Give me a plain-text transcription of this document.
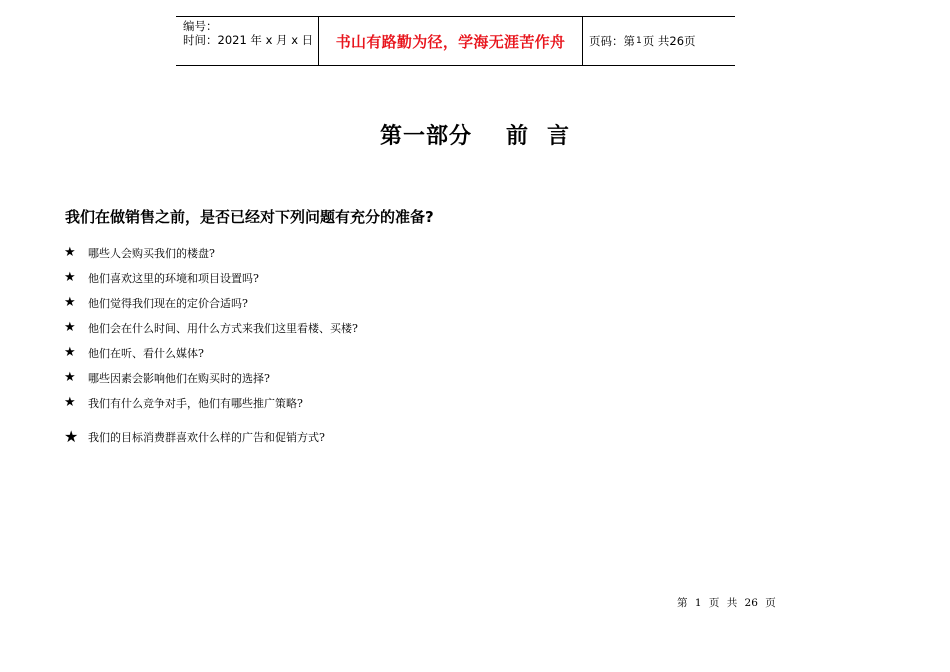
编号：
时间：2021 年 x 月 x 日	书山有路勤为径，学海无涯苦作舟	页码：第 1 页 共 26 页
第一部分 前 言
我们在做销售之前，是否已经对下列问题有充分的准备?
★	哪些人会购买我们的楼盘?
★	他们喜欢这里的环境和项目设置吗?
★	他们觉得我们现在的定价合适吗?
★	他们会在什么时间、用什么方式来我们这里看楼、买楼?
★	他们在听、看什么媒体?
★	哪些因素会影响他们在购买时的选择?
★	我们有什么竞争对手，他们有哪些推广策略?
★ 我们的目标消费群喜欢什么样的广告和促销方式?
第 1 页 共 26 页
